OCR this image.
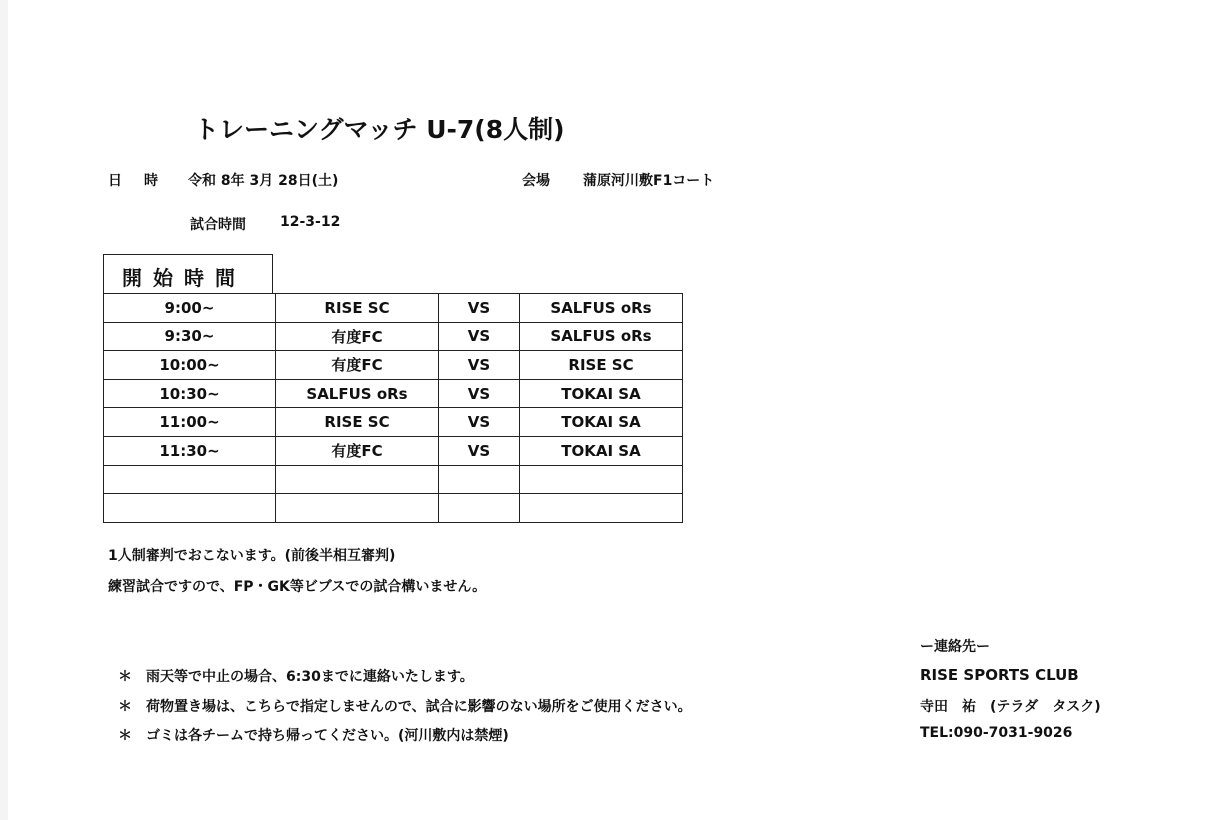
トレーニングマッチ U-7(8人制)
日 時 令和 8年 3月 28日(土)	会場 蒲原河川敷F1コート
試合時間 12-3-12
開始時間
9:00~	RISE SC	VS	SALFUS oRs
9:30~	有度FC	VS	SALFUS oRs
10:00~	有度FC	VS	RISE SC
10:30~	SALFUS oRs	VS	TOKAI SA
11:00~	RISE SC	VS	TOKAI SA
11:30~	有度FC	VS	TOKAI SA

1人制審判でおこないます。(前後半相互審判)
練習試合ですので、FP・GK等ビブスでの試合構いません。
＊ 雨天等で中止の場合、6:30までに連絡いたします。
＊ 荷物置き場は、こちらで指定しませんので、試合に影響のない場所をご使用ください。
＊ ゴミは各チームで持ち帰ってください。(河川敷内は禁煙)
ー連絡先ー
RISE SPORTS CLUB
寺田　祐　(テラダ　タスク)
TEL:090-7031-9026
